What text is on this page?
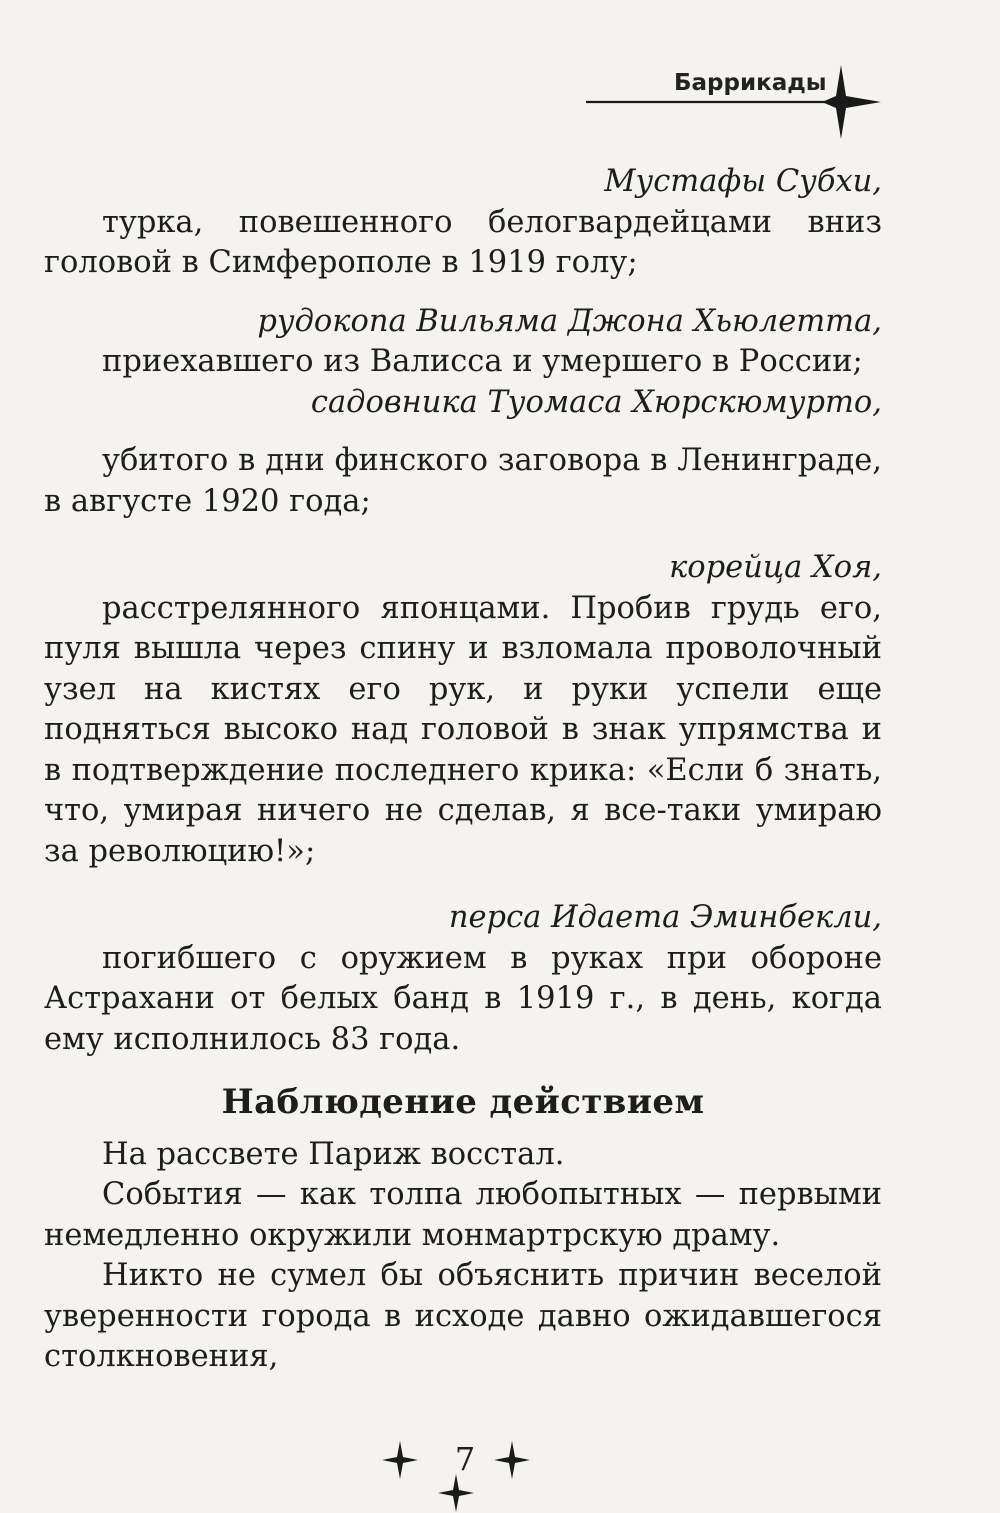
Баррикады

Мустафы Субхи,

турка, повешенного белогвардейцами вниз головой в Симферополе в 1919 голу;

рудокопа Вильяма Джона Хьюлетта,

приехавшего из Валисса и умершего в России;

садовника Туомаса Хюрскюмурто,

убитого в дни финского заговора в Ленинграде, в августе 1920 года;

корейца Хоя,

расстрелянного японцами. Пробив грудь его, пуля вышла через спину и взломала проволочный узел на кистях его рук, и руки успели еще подняться высоко над головой в знак упрямства и в подтверждение последнего крика: «Если б знать, что, умирая ничего не сделав, я все-таки умираю за революцию!»;

перса Идаета Эминбекли,

погибшего с оружием в руках при обороне Астрахани от белых банд в 1919 г., в день, когда ему исполнилось 83 года.

Наблюдение действием

На рассвете Париж восстал.

События — как толпа любопытных — первыми немедленно окружили монмартрскую драму.

Никто не сумел бы объяснить причин веселой уверенности города в исходе давно ожидавшегося столкновения,

7
